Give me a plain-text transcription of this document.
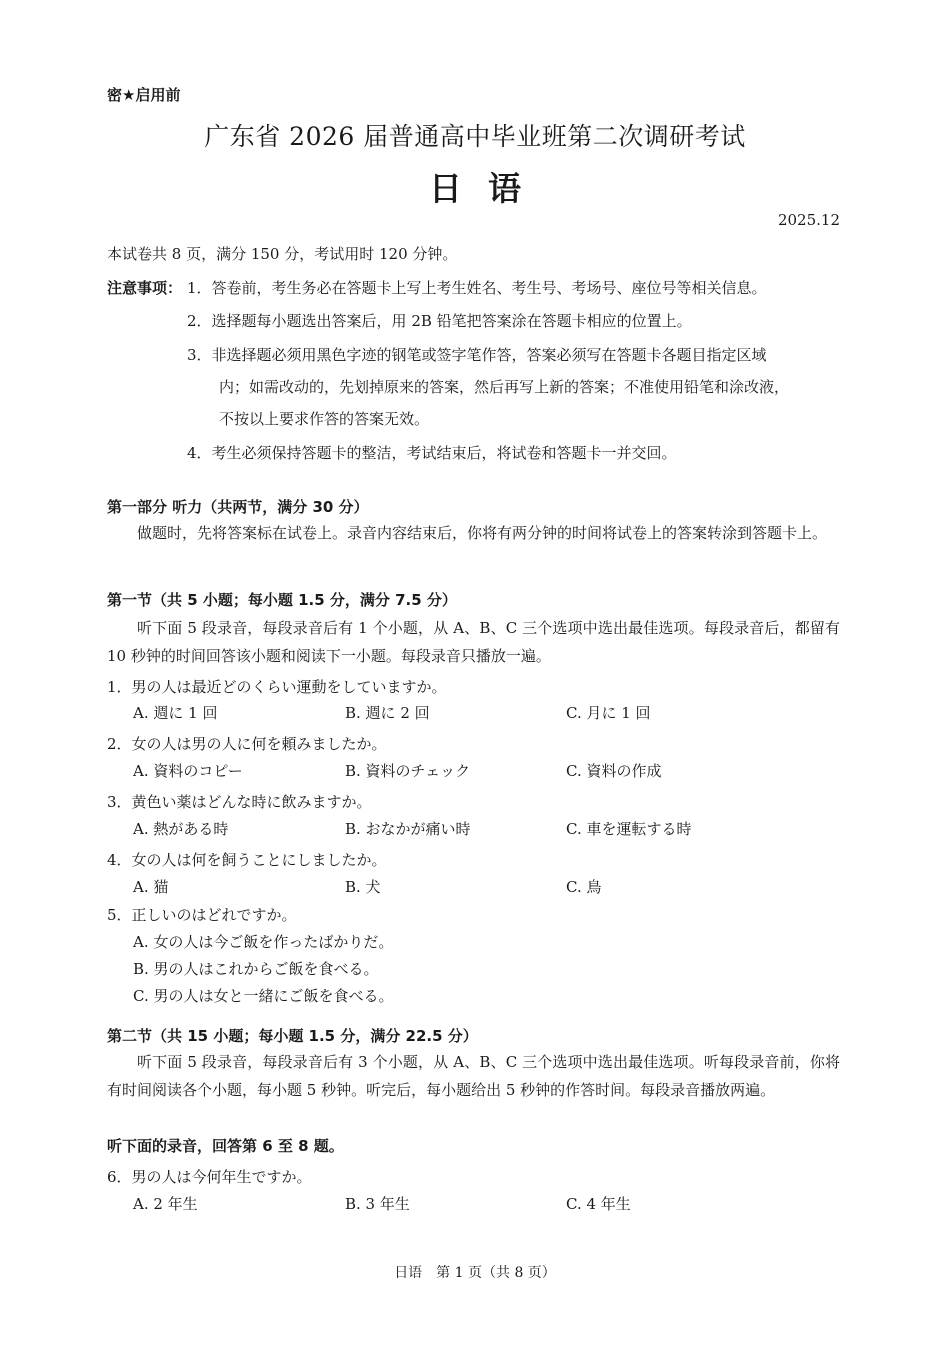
密★启用前
广东省 2026 届普通高中毕业班第二次调研考试
日语
2025.12
本试卷共 8 页，满分 150 分，考试用时 120 分钟。
注意事项： 1．答卷前，考生务必在答题卡上写上考生姓名、考生号、考场号、座位号等相关信息。
2．选择题每小题选出答案后，用 2B 铅笔把答案涂在答题卡相应的位置上。
3．非选择题必须用黑色字迹的钢笔或签字笔作答，答案必须写在答题卡各题目指定区域
内；如需改动的，先划掉原来的答案，然后再写上新的答案；不准使用铅笔和涂改液，
不按以上要求作答的答案无效。
4．考生必须保持答题卡的整洁，考试结束后，将试卷和答题卡一并交回。
第一部分 听力（共两节，满分 30 分）
做题时，先将答案标在试卷上。录音内容结束后，你将有两分钟的时间将试卷上的答案转涂到答题卡上。
第一节（共 5 小题；每小题 1.5 分，满分 7.5 分）
听下面 5 段录音，每段录音后有 1 个小题，从 A、B、C 三个选项中选出最佳选项。每段录音后，都留有 10 秒钟的时间回答该小题和阅读下一小题。每段录音只播放一遍。
1．男の人は最近どのくらい運動をしていますか。
A. 週に 1 回	B. 週に 2 回	C. 月に 1 回
2．女の人は男の人に何を頼みましたか。
A. 資料のコピー	B. 資料のチェック	C. 資料の作成
3．黄色い薬はどんな時に飲みますか。
A. 熱がある時	B. おなかが痛い時	C. 車を運転する時
4．女の人は何を飼うことにしましたか。
A. 猫	B. 犬	C. 鳥
5．正しいのはどれですか。
A. 女の人は今ご飯を作ったばかりだ。
B. 男の人はこれからご飯を食べる。
C. 男の人は女と一緒にご飯を食べる。
第二节（共 15 小题；每小题 1.5 分，满分 22.5 分）
听下面 5 段录音，每段录音后有 3 个小题，从 A、B、C 三个选项中选出最佳选项。听每段录音前，你将有时间阅读各个小题，每小题 5 秒钟。听完后，每小题给出 5 秒钟的作答时间。每段录音播放两遍。
听下面的录音，回答第 6 至 8 题。
6．男の人は今何年生ですか。
A. 2 年生	B. 3 年生	C. 4 年生
日语　第 1 页（共 8 页）
